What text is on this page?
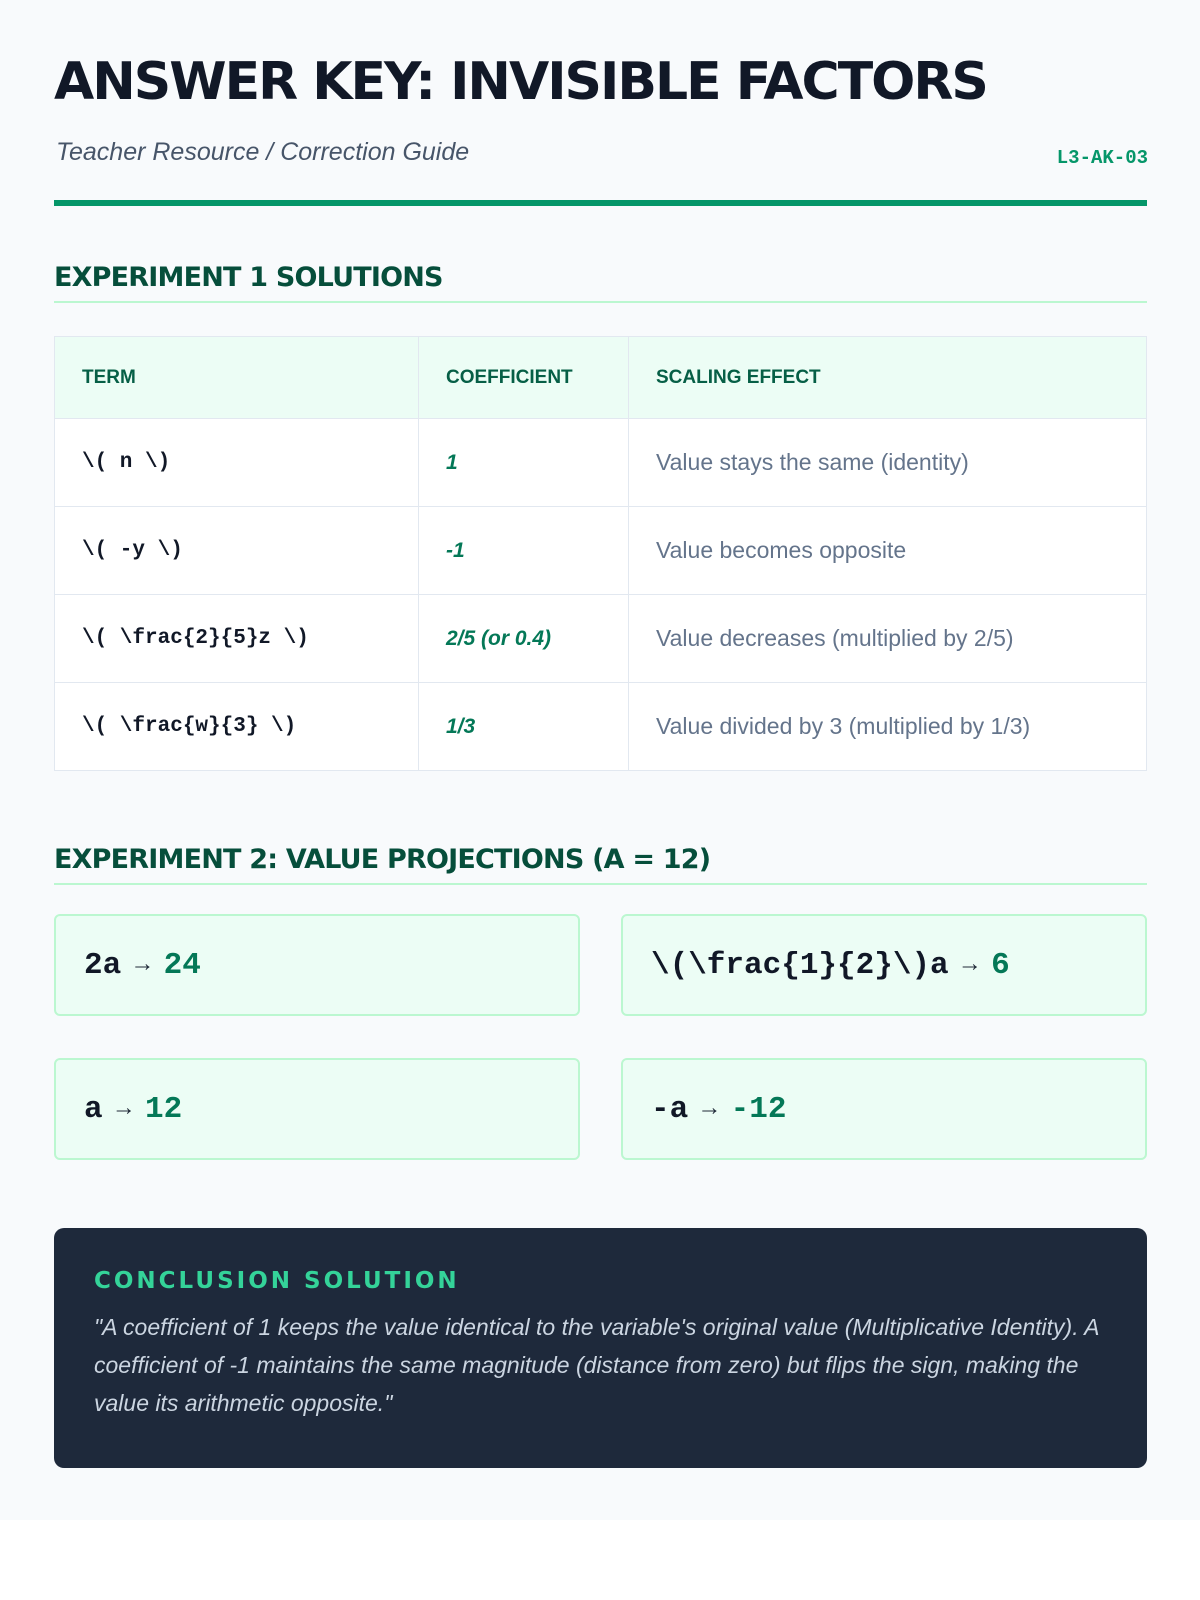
ANSWER KEY: INVISIBLE FACTORS
Teacher Resource / Correction Guide	L3-AK-03
EXPERIMENT 1 SOLUTIONS
TERM	COEFFICIENT	SCALING EFFECT
\( n \)	1	Value stays the same (identity)
\( -y \)	-1	Value becomes opposite
\( \frac{2}{5}z \)	2/5 (or 0.4)	Value decreases (multiplied by 2/5)
\( \frac{w}{3} \)	1/3	Value divided by 3 (multiplied by 1/3)
EXPERIMENT 2: VALUE PROJECTIONS (A = 12)
2a → 24	\(\frac{1}{2}\)a → 6
a → 12	-a → -12
CONCLUSION SOLUTION

"A coefficient of 1 keeps the value identical to the variable's original value (Multiplicative Identity). A coefficient of -1 maintains the same magnitude (distance from zero) but flips the sign, making the value its arithmetic opposite."
